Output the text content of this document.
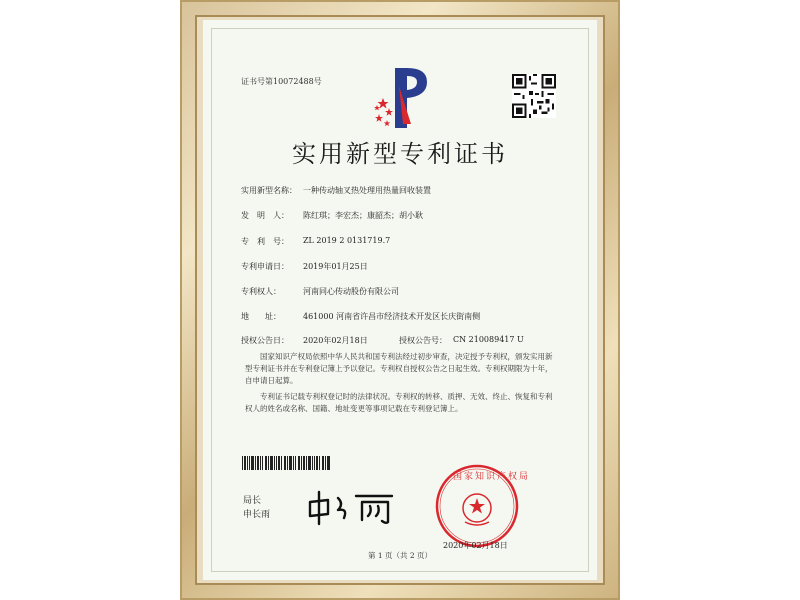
证书号第10072488号
实用新型专利证书
实用新型名称： 一种传动轴叉热处理用热量回收装置
发　明　人： 陈红琪；李宏杰；康韶杰；胡小耿
专　利　号： ZL 2019 2 0131719.7
专利申请日： 2019年01月25日
专利权人：	河南同心传动股份有限公司
地　　址：	461000 河南省许昌市经济技术开发区长庆街南侧
授权公告日： 2020年02月18日	授权公告号： CN 210089417 U
国家知识产权局依照中华人民共和国专利法经过初步审查，决定授予专利权，颁发实用新型专利证书并在专利登记簿上予以登记。专利权自授权公告之日起生效。专利权期限为十年，自申请日起算。
专利证书记载专利权登记时的法律状况。专利权的转移、质押、无效、终止、恢复和专利权人的姓名或名称、国籍、地址变更等事项记载在专利登记簿上。
局长
申长雨
国家知识产权局
2020年02月18日
第 1 页（共 2 页）
